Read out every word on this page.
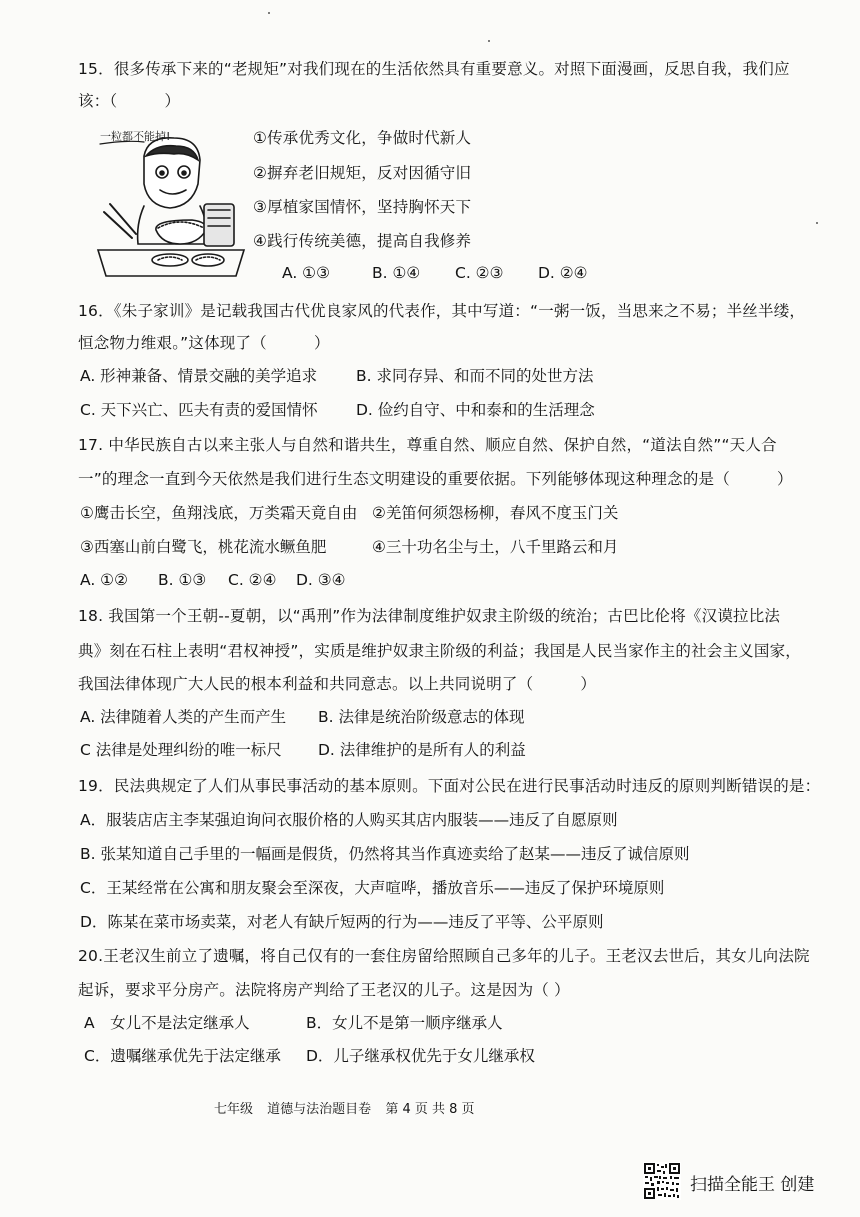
15．很多传承下来的“老规矩”对我们现在的生活依然具有重要意义。对照下面漫画，反思自我，我们应
该：（　　　）
一粒都不能掉!	①传承优秀文化，争做时代新人
②摒弃老旧规矩，反对因循守旧
③厚植家国情怀，坚持胸怀天下
④践行传统美德，提高自我修养
A. ①③	B. ①④ C. ②③ D. ②④
16．《朱子家训》是记载我国古代优良家风的代表作，其中写道：“一粥一饭，当思来之不易；半丝半缕，
恒念物力维艰。”这体现了（　　　）
A. 形神兼备、情景交融的美学追求	B. 求同存异、和而不同的处世方法
C. 天下兴亡、匹夫有责的爱国情怀 D. 俭约自守、中和泰和的生活理念
17. 中华民族自古以来主张人与自然和谐共生，尊重自然、顺应自然、保护自然，“道法自然”“天人合
一”的理念一直到今天依然是我们进行生态文明建设的重要依据。下列能够体现这种理念的是（　　　）
①鹰击长空，鱼翔浅底，万类霜天竟自由 ②羌笛何须怨杨柳，春风不度玉门关
③西塞山前白鹭飞，桃花流水鳜鱼肥	④三十功名尘与土，八千里路云和月
A. ①② B. ①③ C. ②④ D. ③④
18. 我国第一个王朝--夏朝，以“禹刑”作为法律制度维护奴隶主阶级的统治；古巴比伦将《汉谟拉比法
典》刻在石柱上表明“君权神授”，实质是维护奴隶主阶级的利益；我国是人民当家作主的社会主义国家，
我国法律体现广大人民的根本利益和共同意志。以上共同说明了（　　　）
A. 法律随着人类的产生而产生 B. 法律是统治阶级意志的体现
C 法律是处理纠纷的唯一标尺 D. 法律维护的是所有人的利益
19．民法典规定了人们从事民事活动的基本原则。下面对公民在进行民事活动时违反的原则判断错误的是：
A．服装店店主李某强迫询问衣服价格的人购买其店内服装——违反了自愿原则
B. 张某知道自己手里的一幅画是假货，仍然将其当作真迹卖给了赵某——违反了诚信原则
C．王某经常在公寓和朋友聚会至深夜，大声喧哗，播放音乐——违反了保护环境原则
D．陈某在菜市场卖菜，对老人有缺斤短两的行为——违反了平等、公平原则
20.王老汉生前立了遗嘱，将自己仅有的一套住房留给照顾自己多年的儿子。王老汉去世后，其女儿向法院
起诉，要求平分房产。法院将房产判给了王老汉的儿子。这是因为（ ）
A　女儿不是法定继承人	B．女儿不是第一顺序继承人
C．遗嘱继承优先于法定继承 D．儿子继承权优先于女儿继承权
七年级 道德与法治题目卷 第 4 页 共 8 页
扫描全能王 创建
